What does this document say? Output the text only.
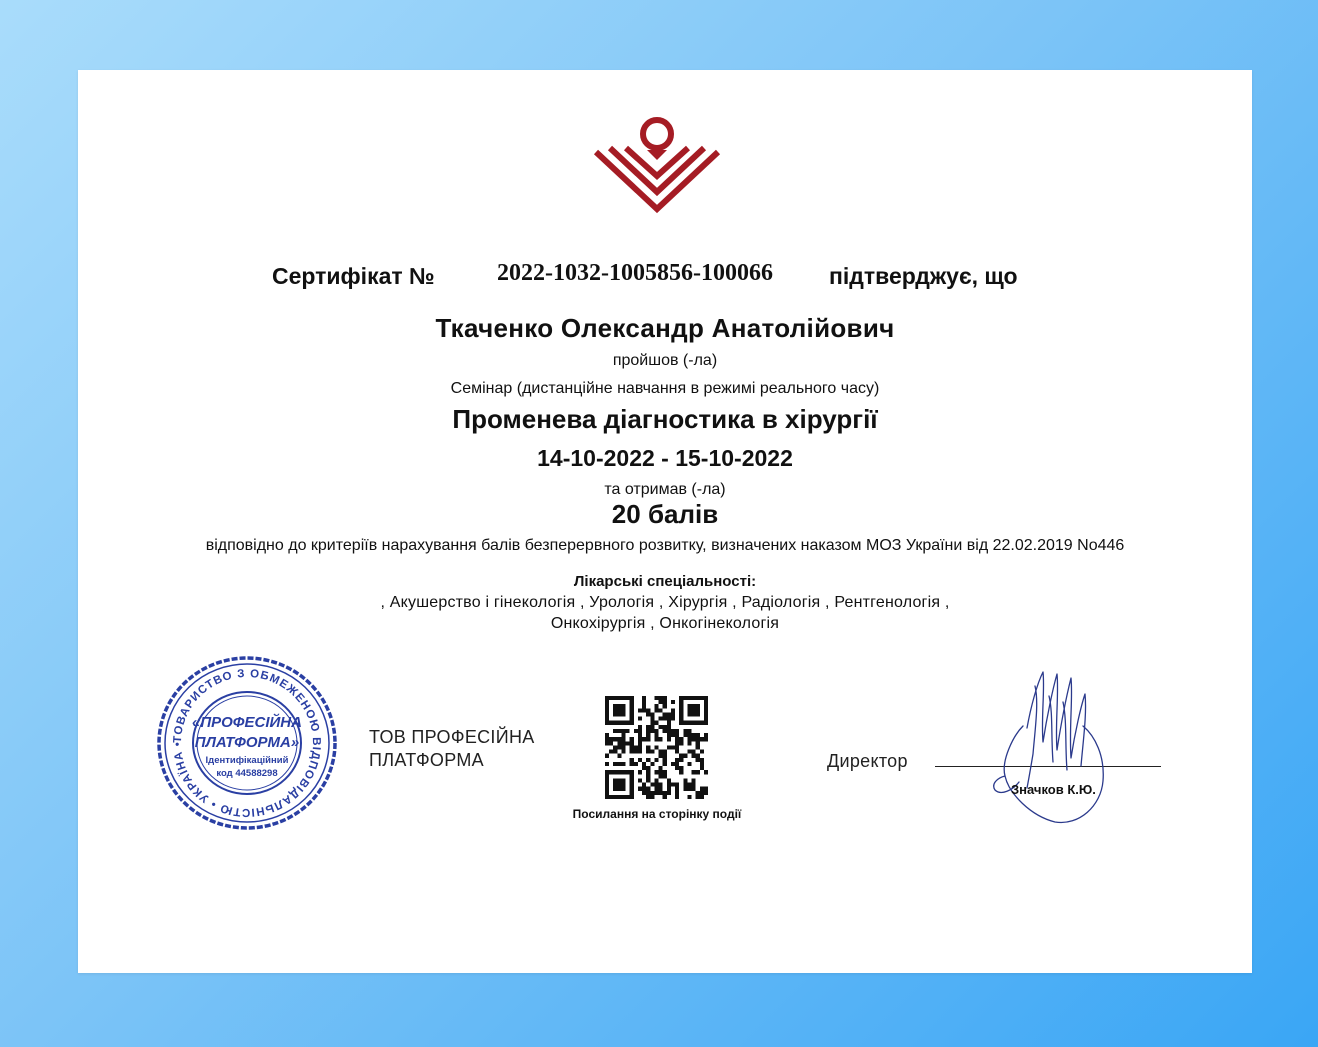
Сертифікат №	2022-1032-1005856-100066 підтверджує, що
Ткаченко Олександр Анатолійович
пройшов (-ла)
Семінар (дистанційне навчання в режимі реального часу)
Променева діагностика в хірургії
14-10-2022 - 15-10-2022
та отримав (-ла)
20 балів
відповідно до критеріїв нарахування балів безперервного розвитку, визначених наказом МОЗ України від 22.02.2019 No446
Лікарські спеціальності:
, Акушерство і гінекологія , Урологія , Хірургія , Радіологія , Рентгенологія ,
Онкохірургія , Онкогінекологія
ТОВАРИСТВО З ОБМЕЖЕНОЮ ВІДПОВІДАЛЬНІСТЮ • УКРАЇНА •
«ПРОФЕСІЙНА
ПЛАТФОРМА»
Ідентифікаційний
код 44588298
ТОВ ПРОФЕСІЙНА
ПЛАТФОРМА
Посилання на сторінку події
Директор
Значков К.Ю.
